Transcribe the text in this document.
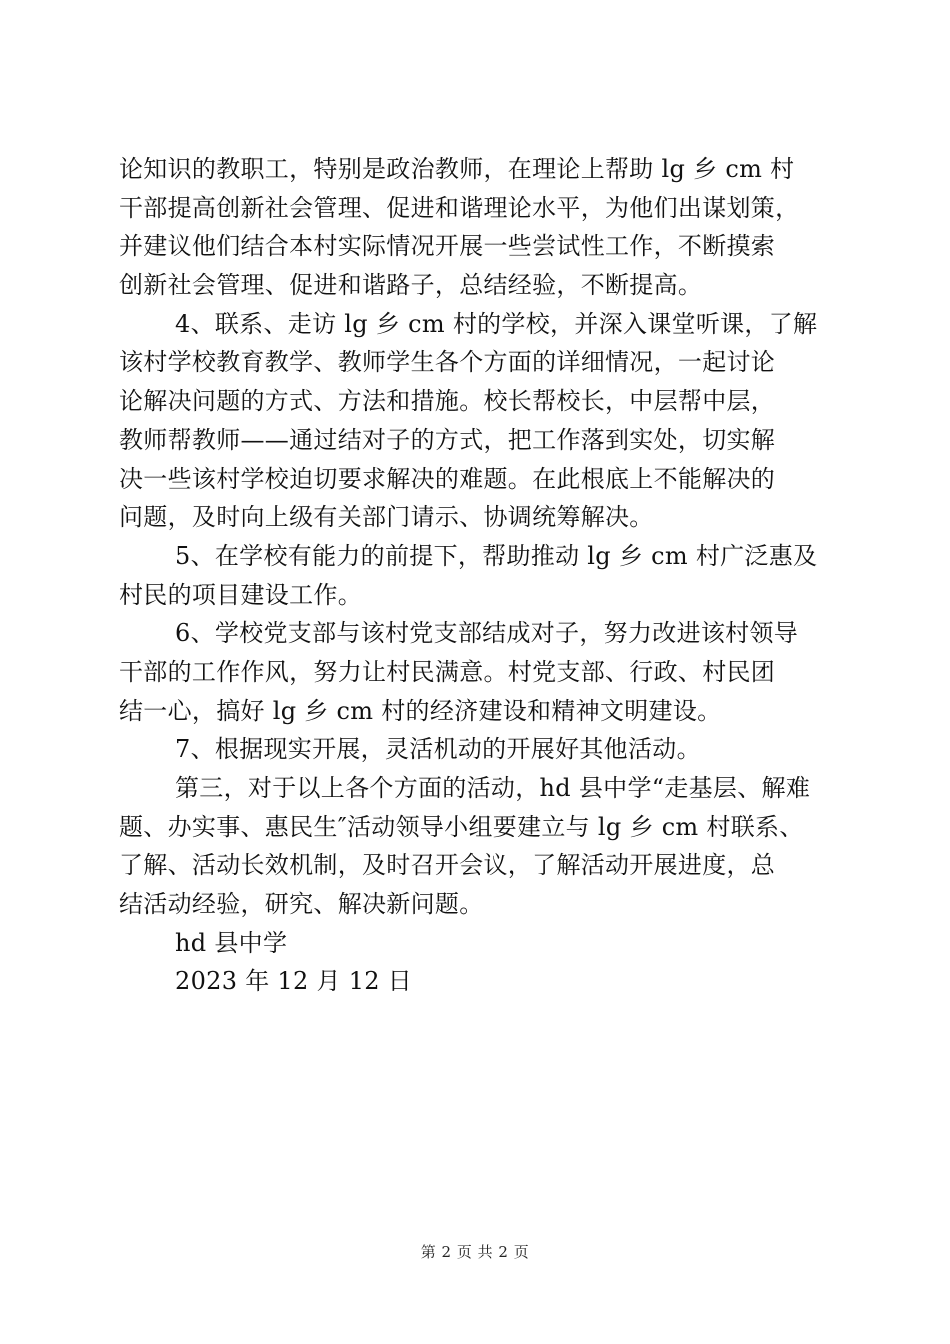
论知识的教职工，特别是政治教师，在理论上帮助 lg 乡 cm 村
干部提高创新社会管理、促进和谐理论水平，为他们出谋划策，
并建议他们结合本村实际情况开展一些尝试性工作，不断摸索
创新社会管理、促进和谐路子，总结经验，不断提高。
4、联系、走访 lg 乡 cm 村的学校，并深入课堂听课，了解
该村学校教育教学、教师学生各个方面的详细情况，一起讨论
论解决问题的方式、方法和措施。校长帮校长，中层帮中层，
教师帮教师——通过结对子的方式，把工作落到实处，切实解
决一些该村学校迫切要求解决的难题。在此根底上不能解决的
问题，及时向上级有关部门请示、协调统筹解决。
5、在学校有能力的前提下，帮助推动 lg 乡 cm 村广泛惠及
村民的项目建设工作。
6、学校党支部与该村党支部结成对子，努力改进该村领导
干部的工作作风，努力让村民满意。村党支部、行政、村民团
结一心，搞好 lg 乡 cm 村的经济建设和精神文明建设。
7、根据现实开展，灵活机动的开展好其他活动。
第三，对于以上各个方面的活动，hd 县中学“走基层、解难
题、办实事、惠民生″活动领导小组要建立与 lg 乡 cm 村联系、
了解、活动长效机制，及时召开会议，了解活动开展进度，总
结活动经验，研究、解决新问题。
hd 县中学
2023 年 12 月 12 日
第 2 页 共 2 页
